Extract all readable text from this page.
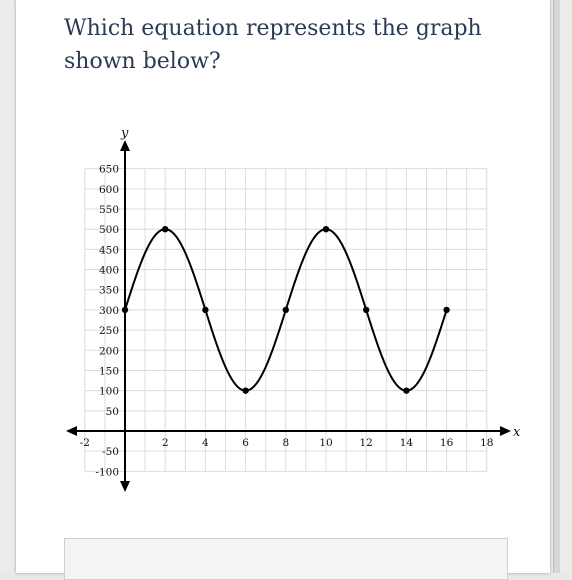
Which equation represents the graph shown below?
x
y
-2	2	4	6	8	10	12	14	16	18
650
600
550
500
450
400
350
300
250
200
150
100
50
-50
-100
